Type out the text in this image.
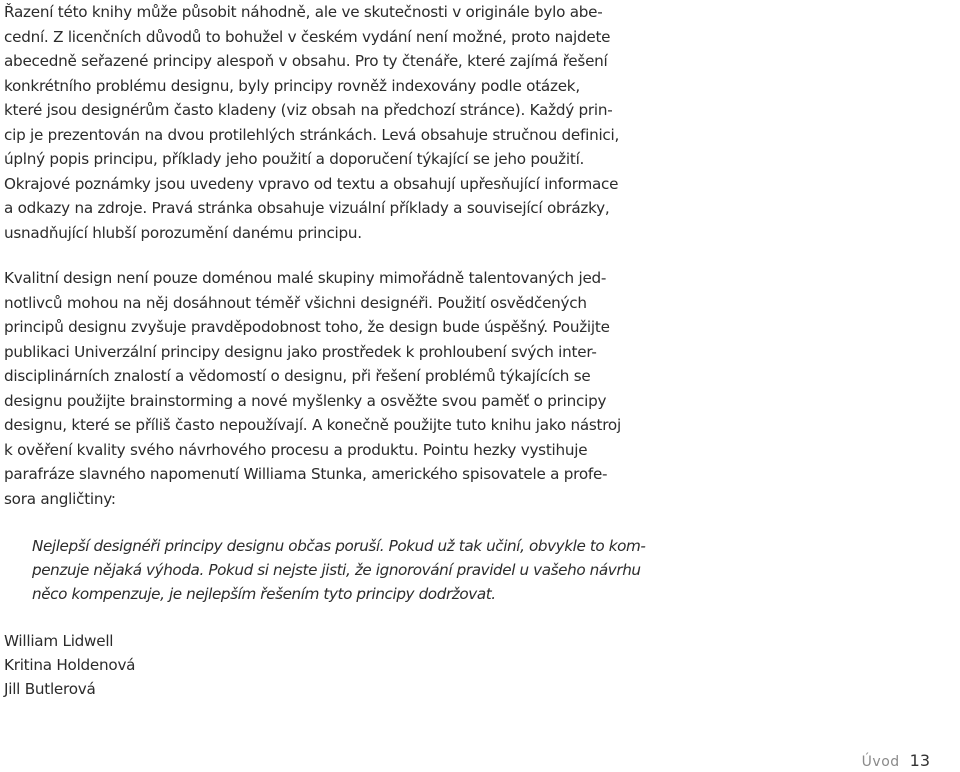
Řazení této knihy může působit náhodně, ale ve skutečnosti v originále bylo abe-
cední. Z licenčních důvodů to bohužel v českém vydání není možné, proto najdete
abecedně seřazené principy alespoň v obsahu. Pro ty čtenáře, které zajímá řešení
konkrétního problému designu, byly principy rovněž indexovány podle otázek,
které jsou designérům často kladeny (viz obsah na předchozí stránce). Každý prin-
cip je prezentován na dvou protilehlých stránkách. Levá obsahuje stručnou definici,
úplný popis principu, příklady jeho použití a doporučení týkající se jeho použití.
Okrajové poznámky jsou uvedeny vpravo od textu a obsahují upřesňující informace
a odkazy na zdroje. Pravá stránka obsahuje vizuální příklady a související obrázky,
usnadňující hlubší porozumění danému principu.
Kvalitní design není pouze doménou malé skupiny mimořádně talentovaných jed-
notlivců mohou na něj dosáhnout téměř všichni designéři. Použití osvědčených
principů designu zvyšuje pravděpodobnost toho, že design bude úspěšný. Použijte
publikaci Univerzální principy designu jako prostředek k prohloubení svých inter-
disciplinárních znalostí a vědomostí o designu, při řešení problémů týkajících se
designu použijte brainstorming a nové myšlenky a osvěžte svou paměť o principy
designu, které se příliš často nepoužívají. A konečně použijte tuto knihu jako nástroj
k ověření kvality svého návrhového procesu a produktu. Pointu hezky vystihuje
parafráze slavného napomenutí Williama Stunka, amerického spisovatele a profe-
sora angličtiny:
Nejlepší designéři principy designu občas poruší. Pokud už tak učiní, obvykle to kom-
penzuje nějaká výhoda. Pokud si nejste jisti, že ignorování pravidel u vašeho návrhu
něco kompenzuje, je nejlepším řešením tyto principy dodržovat.
William Lidwell
Kritina Holdenová
Jill Butlerová
Úvod 13
